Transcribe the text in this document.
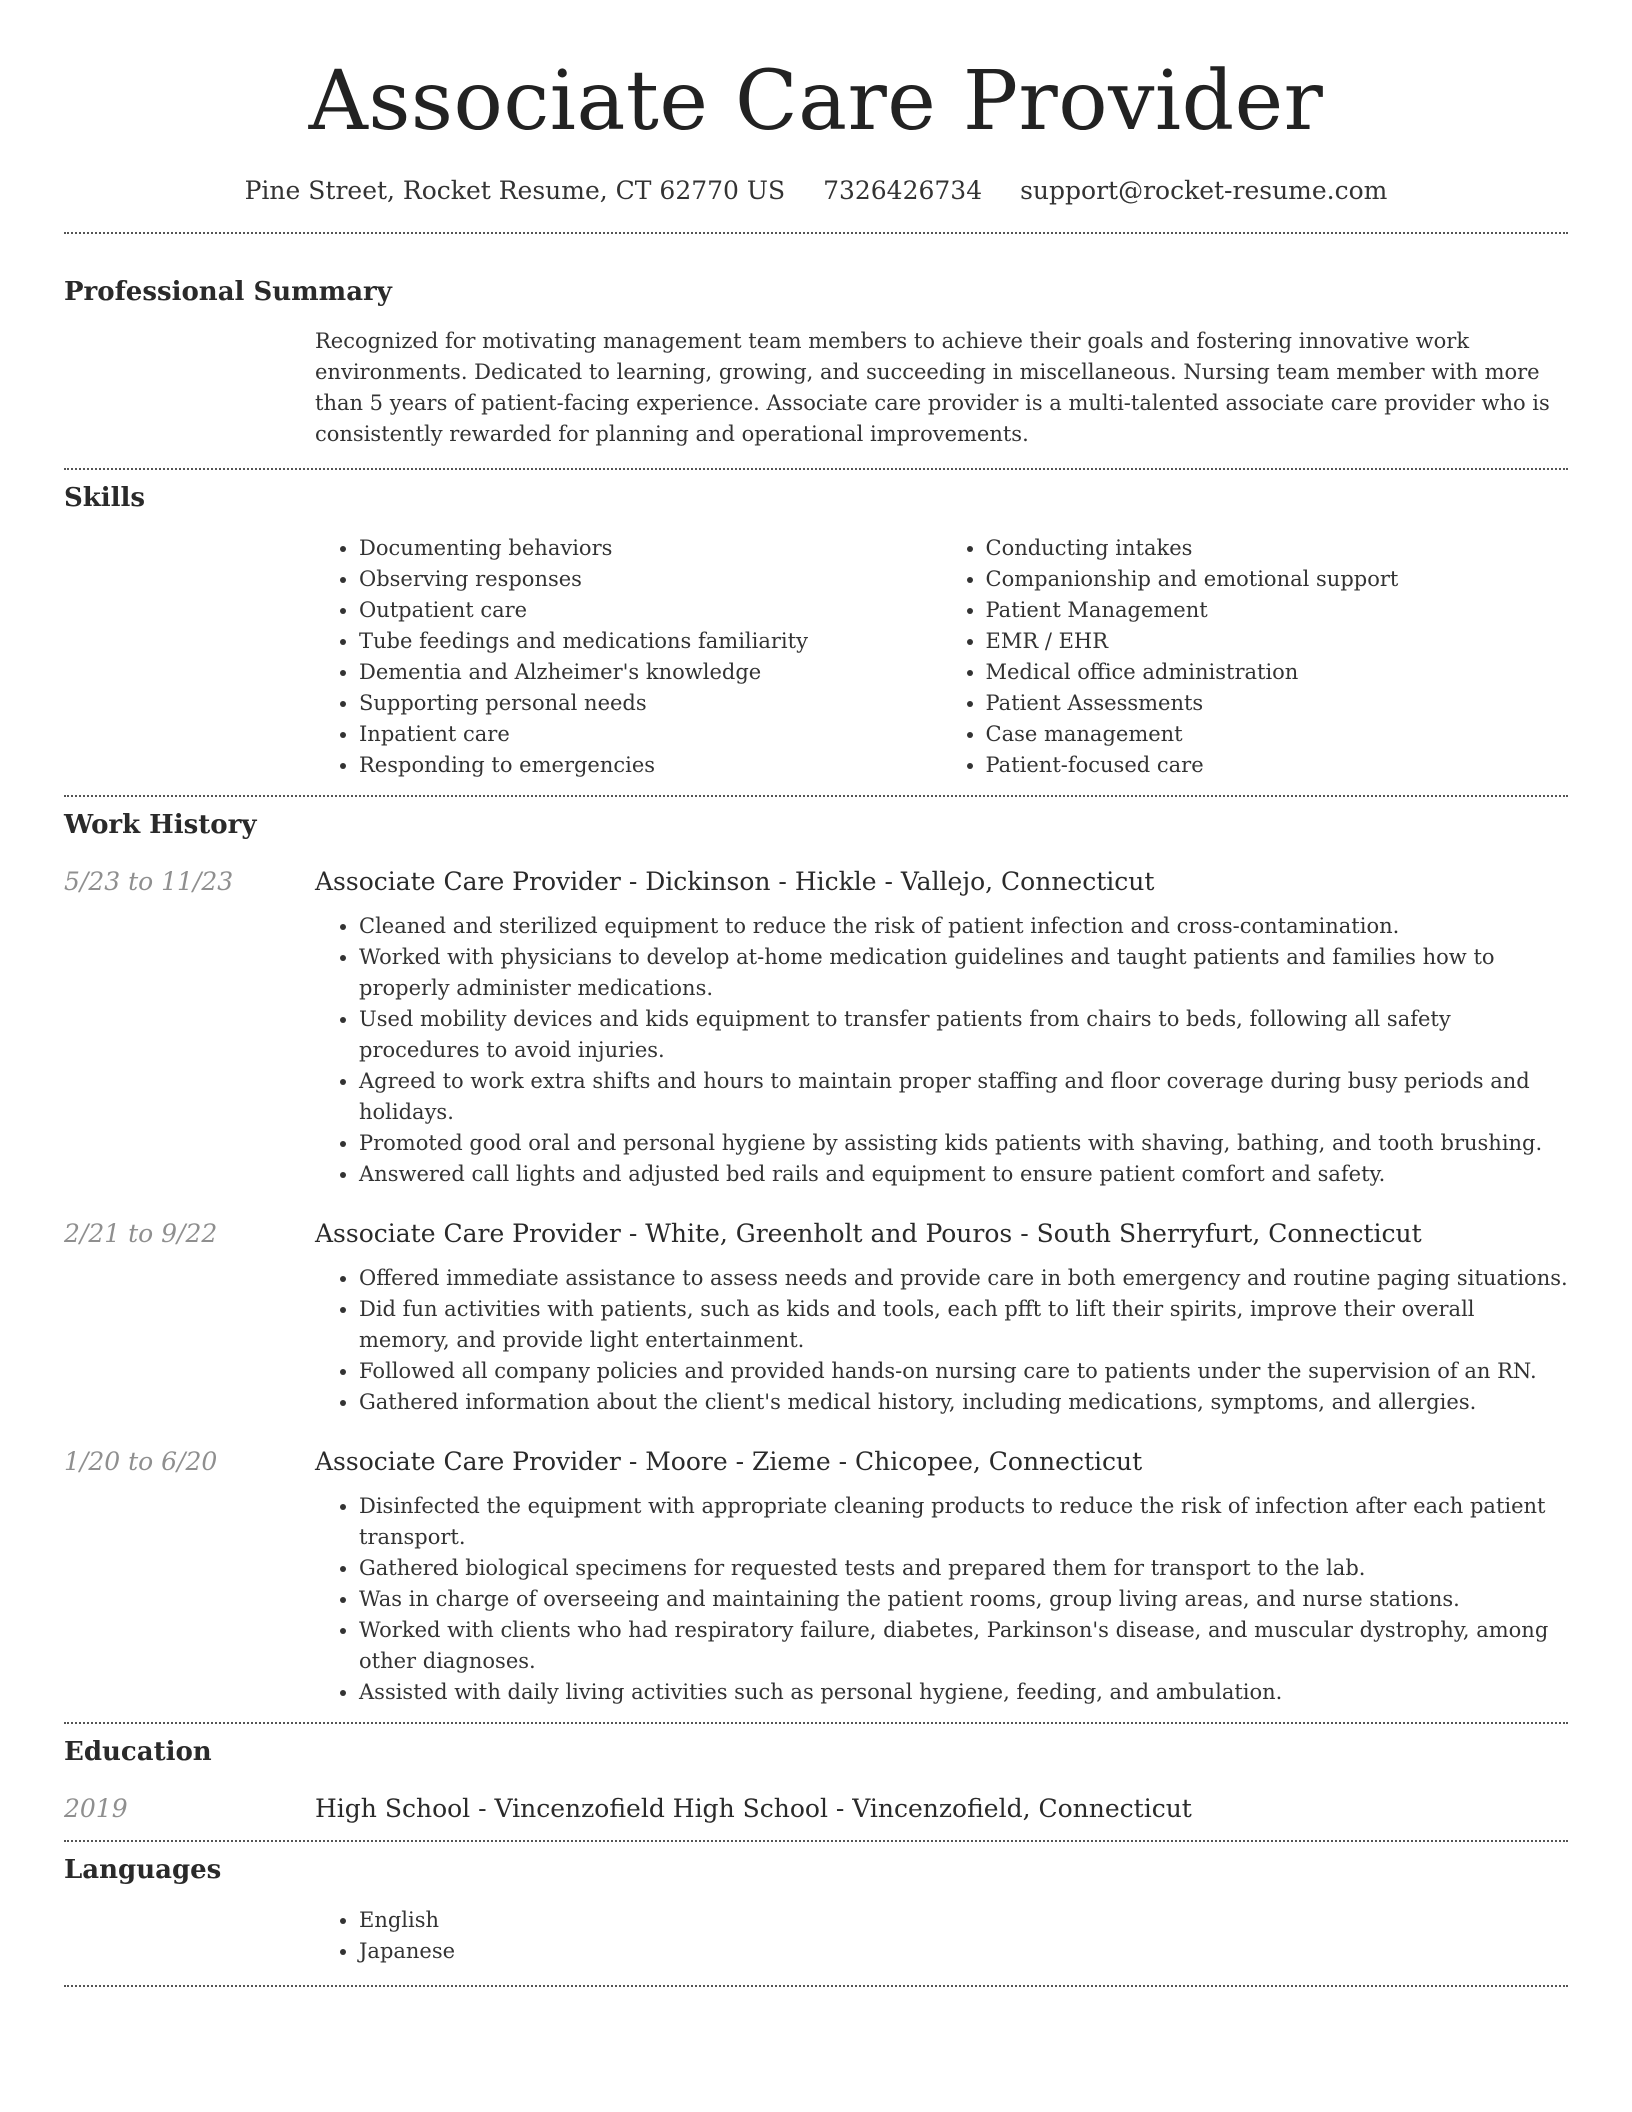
Associate Care Provider
Pine Street, Rocket Resume, CT 62770 US 7326426734 support@rocket-resume.com
Professional Summary

Recognized for motivating management team members to achieve their goals and fostering innovative work environments. Dedicated to learning, growing, and succeeding in miscellaneous. Nursing team member with more than 5 years of patient-facing experience. Associate care provider is a multi-talented associate care provider who is consistently rewarded for planning and operational improvements.

Skills
• Documenting behaviors
• Observing responses
• Outpatient care
• Tube feedings and medications familiarity
• Dementia and Alzheimer's knowledge
• Supporting personal needs
• Inpatient care
• Responding to emergencies
• Conducting intakes
• Companionship and emotional support
• Patient Management
• EMR / EHR
• Medical office administration
• Patient Assessments
• Case management
• Patient-focused care
Work History
5/23 to 11/23	Associate Care Provider - Dickinson - Hickle - Vallejo, Connecticut
• Cleaned and sterilized equipment to reduce the risk of patient infection and cross-contamination.
• Worked with physicians to develop at-home medication guidelines and taught patients and families how to properly administer medications.
• Used mobility devices and kids equipment to transfer patients from chairs to beds, following all safety procedures to avoid injuries.
• Agreed to work extra shifts and hours to maintain proper staffing and floor coverage during busy periods and holidays.
• Promoted good oral and personal hygiene by assisting kids patients with shaving, bathing, and tooth brushing.
• Answered call lights and adjusted bed rails and equipment to ensure patient comfort and safety.
2/21 to 9/22	Associate Care Provider - White, Greenholt and Pouros - South Sherryfurt, Connecticut
• Offered immediate assistance to assess needs and provide care in both emergency and routine paging situations.
• Did fun activities with patients, such as kids and tools, each pfft to lift their spirits, improve their overall memory, and provide light entertainment.
• Followed all company policies and provided hands-on nursing care to patients under the supervision of an RN.
• Gathered information about the client's medical history, including medications, symptoms, and allergies.
1/20 to 6/20	Associate Care Provider - Moore - Zieme - Chicopee, Connecticut
• Disinfected the equipment with appropriate cleaning products to reduce the risk of infection after each patient transport.
• Gathered biological specimens for requested tests and prepared them for transport to the lab.
• Was in charge of overseeing and maintaining the patient rooms, group living areas, and nurse stations.
• Worked with clients who had respiratory failure, diabetes, Parkinson's disease, and muscular dystrophy, among other diagnoses.
• Assisted with daily living activities such as personal hygiene, feeding, and ambulation.
Education
2019	High School - Vincenzofield High School - Vincenzofield, Connecticut
Languages
• English
• Japanese
